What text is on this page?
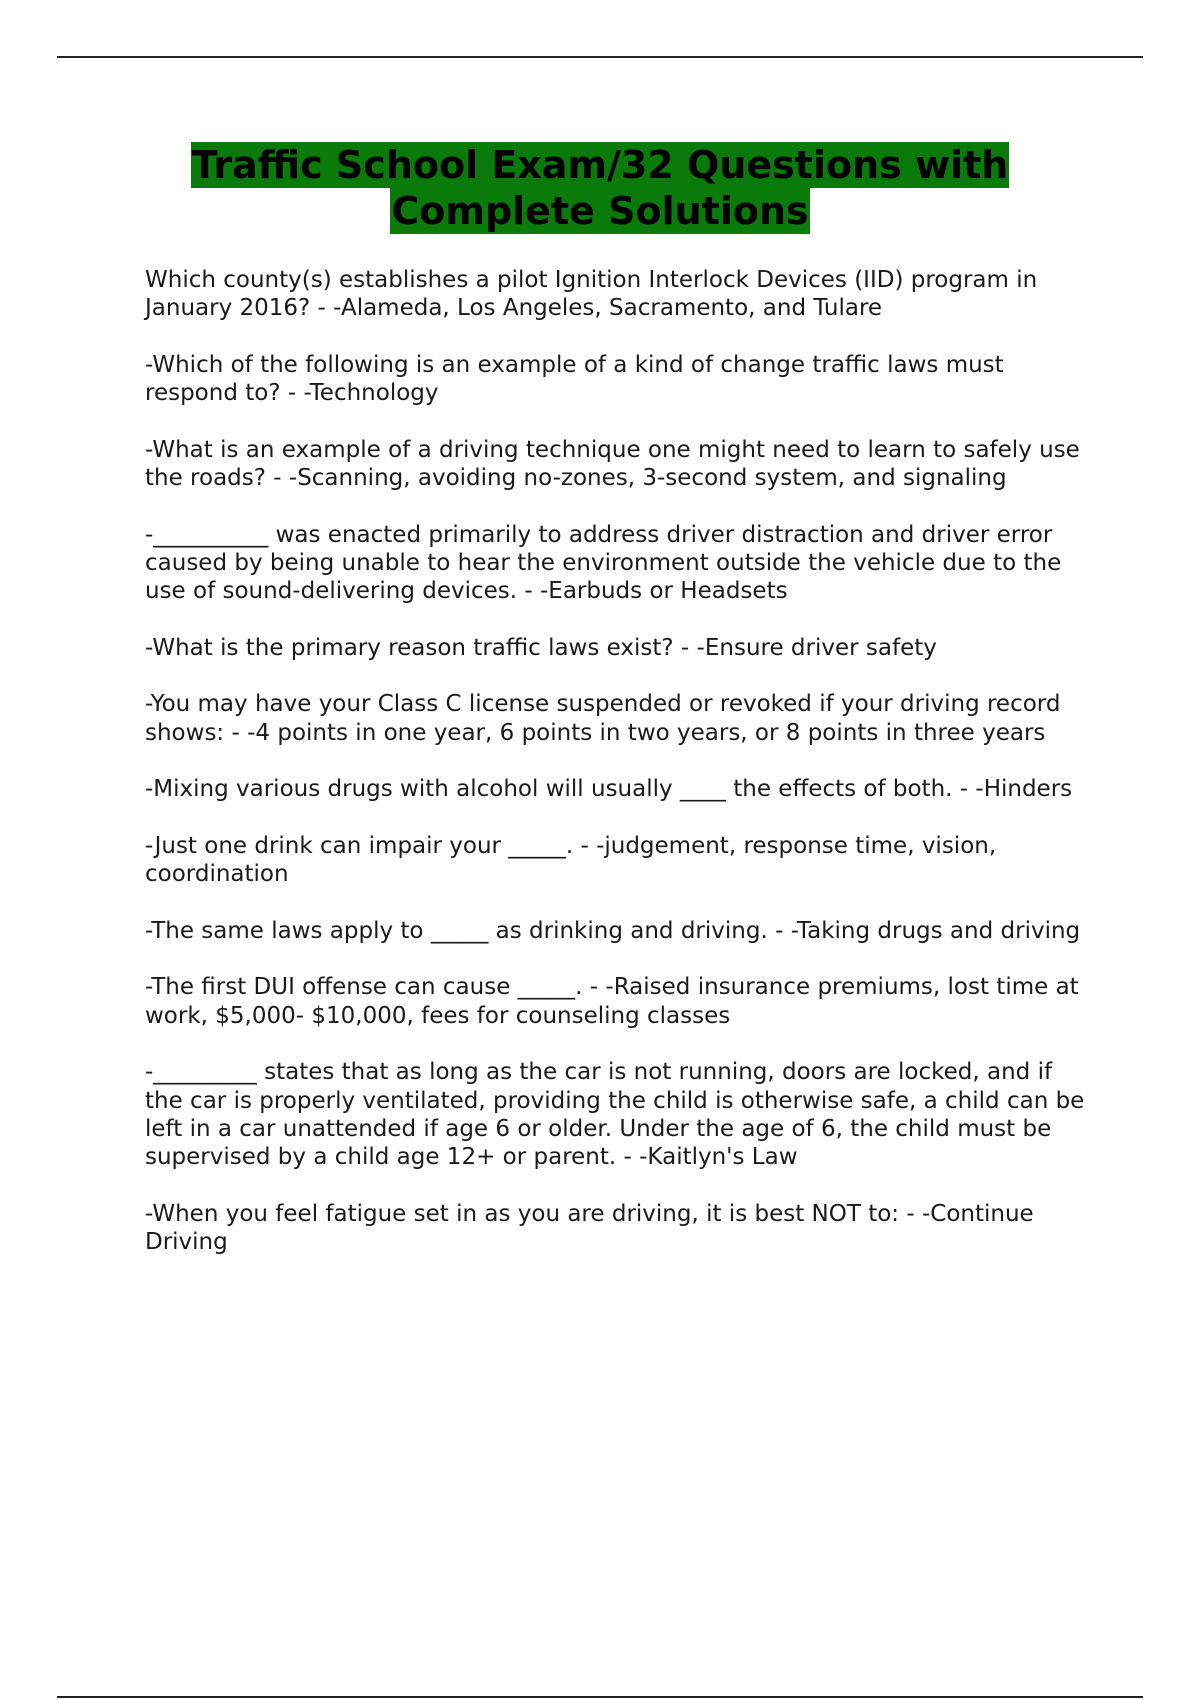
Traffic School Exam/32 Questions with
Complete Solutions

Which county(s) establishes a pilot Ignition Interlock Devices (IID) program in January 2016? - -Alameda, Los Angeles, Sacramento, and Tulare

-Which of the following is an example of a kind of change traffic laws must respond to? - -Technology

-What is an example of a driving technique one might need to learn to safely use the roads? - -Scanning, avoiding no-zones, 3-second system, and signaling

-__________ was enacted primarily to address driver distraction and driver error caused by being unable to hear the environment outside the vehicle due to the use of sound-delivering devices. - -Earbuds or Headsets

-What is the primary reason traffic laws exist? - -Ensure driver safety

-You may have your Class C license suspended or revoked if your driving record shows: - -4 points in one year, 6 points in two years, or 8 points in three years

-Mixing various drugs with alcohol will usually ____ the effects of both. - -Hinders

-Just one drink can impair your _____. - -judgement, response time, vision, coordination

-The same laws apply to _____ as drinking and driving. - -Taking drugs and driving

-The first DUI offense can cause _____. - -Raised insurance premiums, lost time at work, $5,000- $10,000, fees for counseling classes

-_________ states that as long as the car is not running, doors are locked, and if the car is properly ventilated, providing the child is otherwise safe, a child can be left in a car unattended if age 6 or older. Under the age of 6, the child must be supervised by a child age 12+ or parent. - -Kaitlyn's Law

-When you feel fatigue set in as you are driving, it is best NOT to: - -Continue Driving
